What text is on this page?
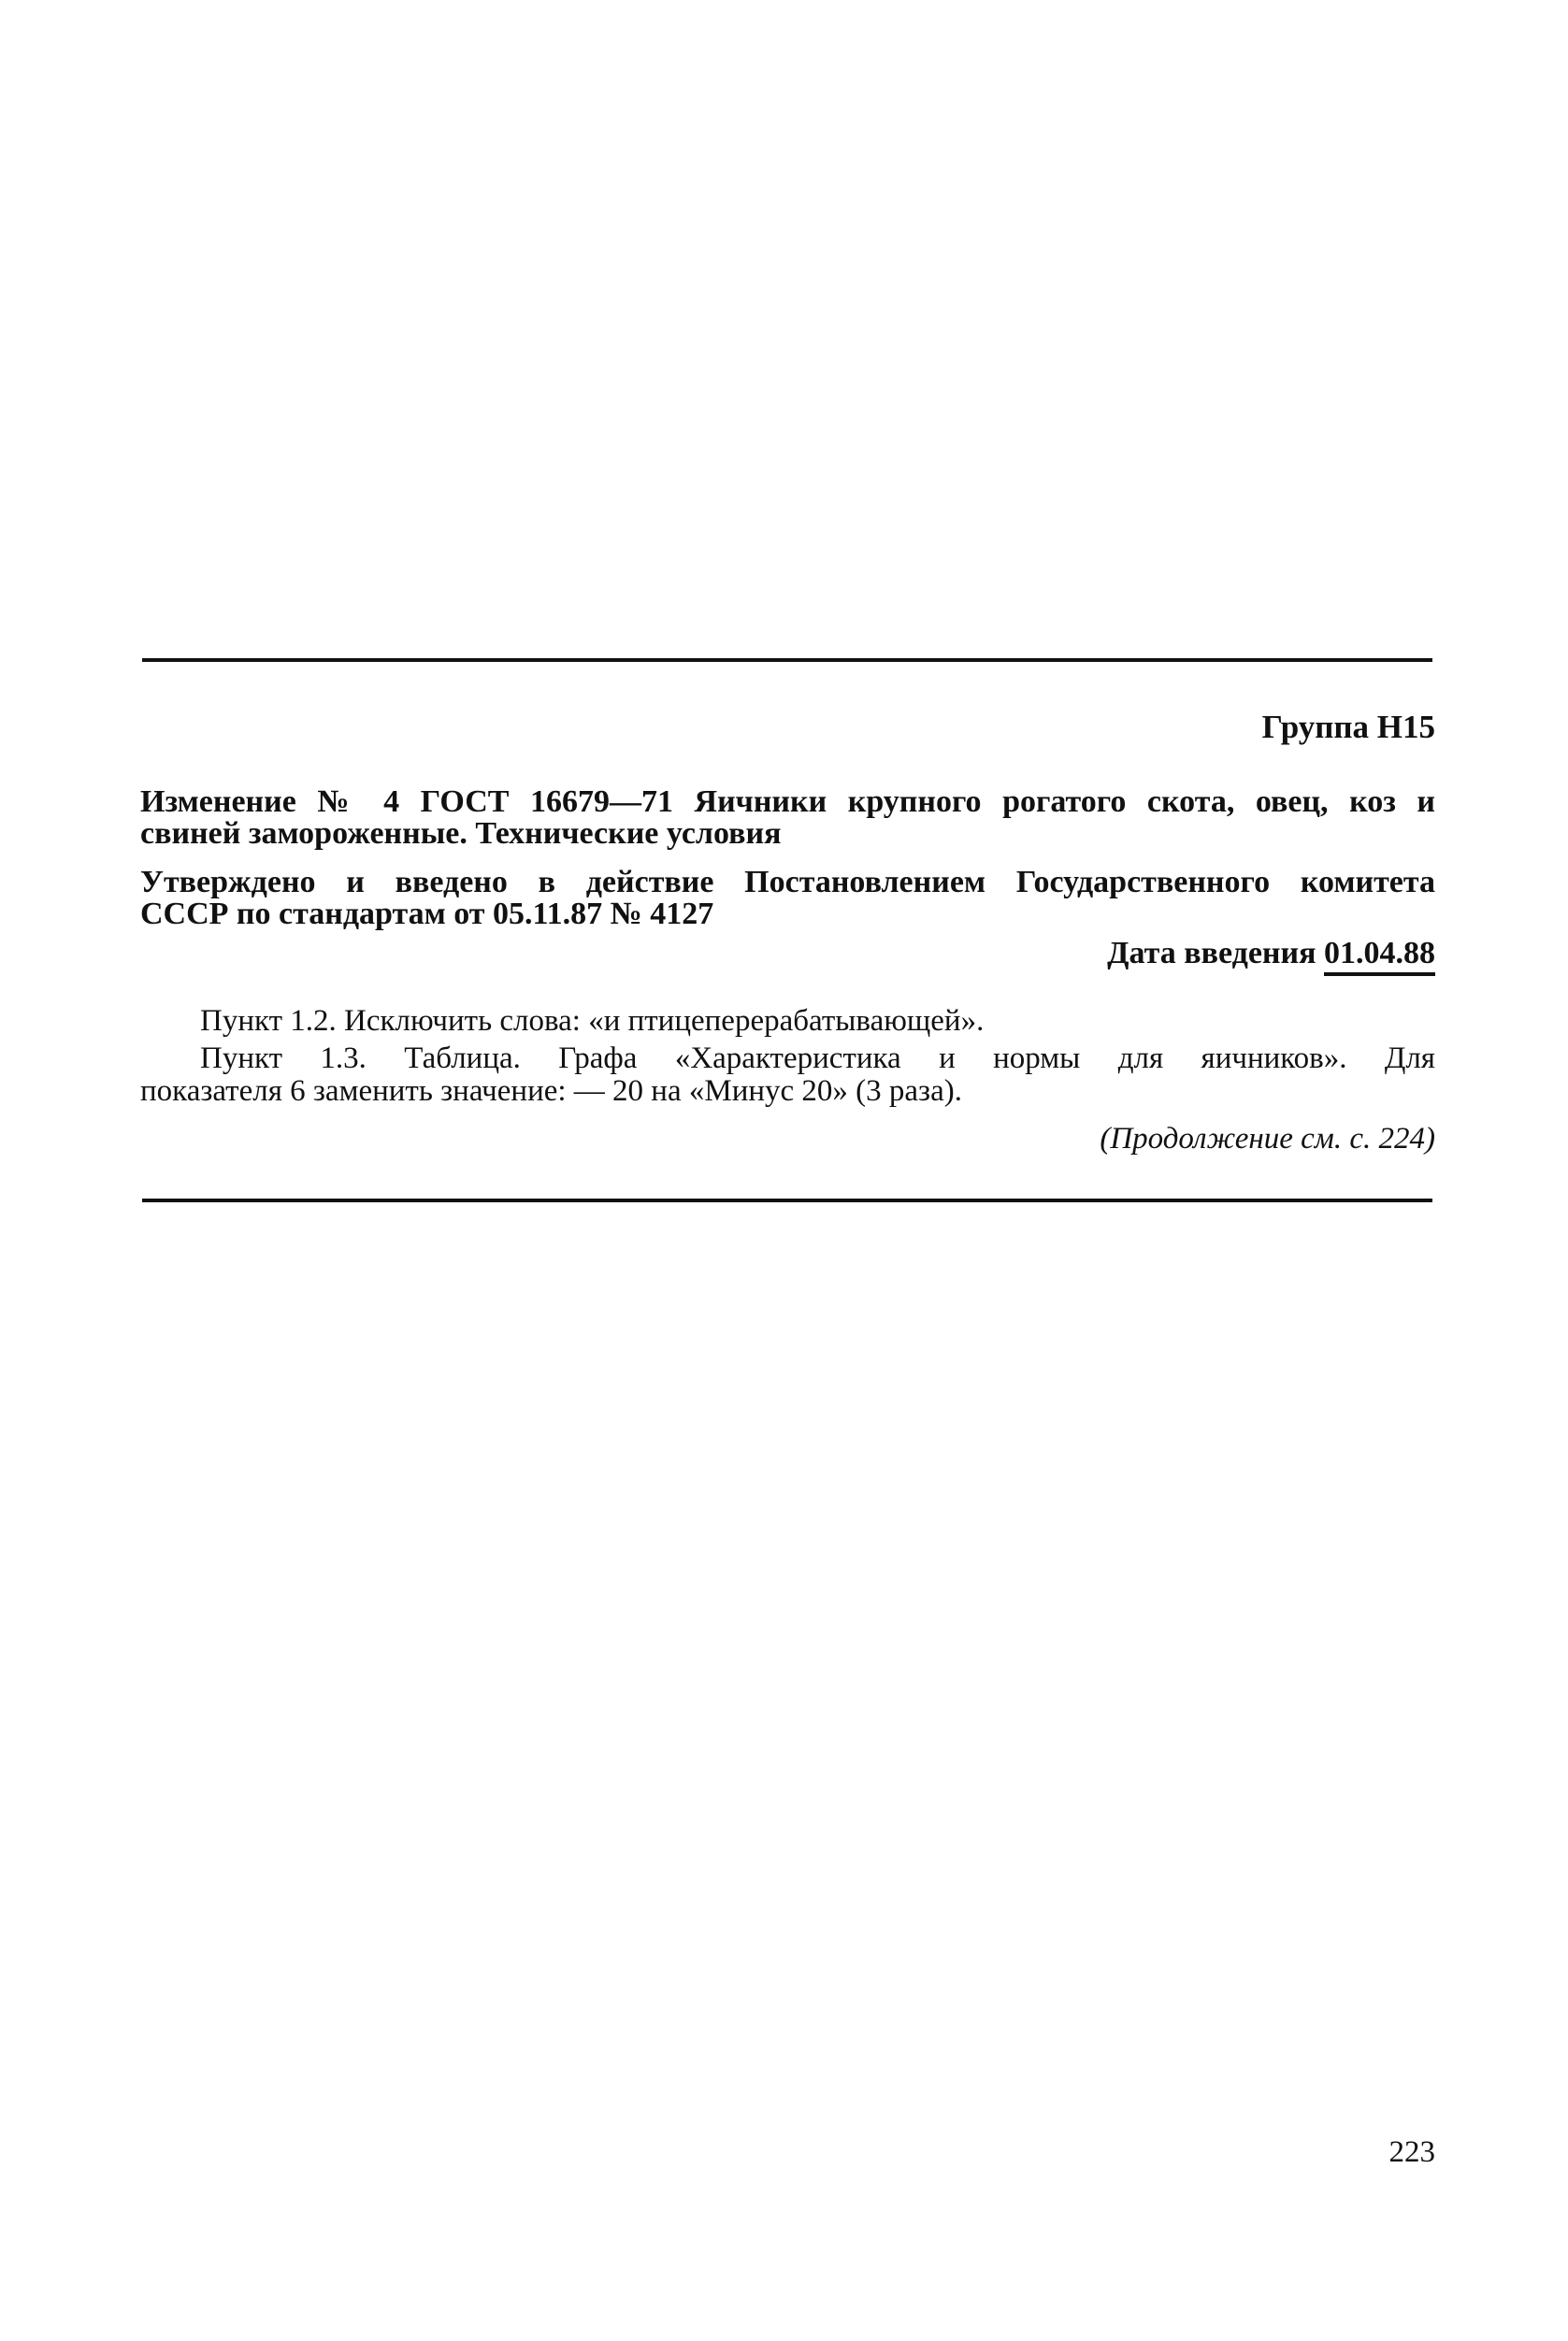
Группа H15
Изменение № 4 ГОСТ 16679—71 Яичники крупного рогатого скота, овец, коз и
свиней замороженные. Технические условия
Утверждено и введено в действие Постановлением Государственного комитета
СССР по стандартам от 05.11.87 № 4127
Дата введения 01.04.88
Пункт 1.2. Исключить слова: «и птицеперерабатывающей».
Пункт 1.3. Таблица. Графа «Характеристика и нормы для яичников». Для
показателя 6 заменить значение: — 20 на «Минус 20» (3 раза).
(Продолжение см. с. 224)
223
